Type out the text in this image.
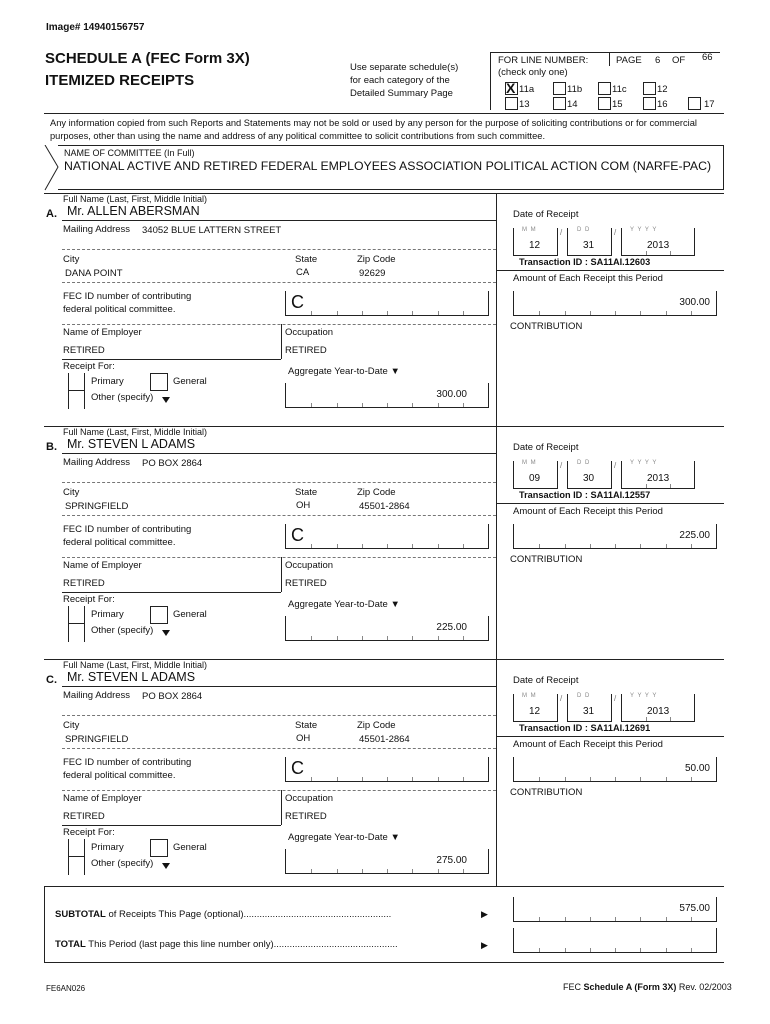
Image# 14940156757
SCHEDULE A (FEC Form 3X)
ITEMIZED RECEIPTS
Use separate schedule(s)
for each category of the
Detailed Summary Page
FOR LINE NUMBER:
(check only one)
PAGE 6 OF 66
X 11a	11b	11c	12
13	14	15	16	17
Any information copied from such Reports and Statements may not be sold or used by any person for the purpose of soliciting contributions or for commercial purposes, other than using the name and address of any political committee to solicit contributions from such committee.
NAME OF COMMITTEE (In Full)
NATIONAL ACTIVE AND RETIRED FEDERAL EMPLOYEES ASSOCIATION POLITICAL ACTION COM (NARFE-PAC)
Full Name (Last, First, Middle Initial)
A. Mr. ALLEN ABERSMAN
Mailing Address 34052 BLUE LATTERN STREET
City	State	Zip Code
DANA POINT	CA	92629
FEC ID number of contributing
federal political committee.	C
Name of Employer	Occupation
RETIRED	RETIRED
Receipt For:
Primary	General
Other (specify)
Aggregate Year-to-Date ▼
300.00
Date of Receipt
M M
12
/ D D
31
/ Y Y Y Y
2013
Transaction ID : SA11AI.12603
Amount of Each Receipt this Period
300.00
CONTRIBUTION
Full Name (Last, First, Middle Initial)
B. Mr. STEVEN L ADAMS
Mailing Address PO BOX 2864
City	State	Zip Code
SPRINGFIELD	OH	45501-2864
FEC ID number of contributing
federal political committee.	C
Name of Employer	Occupation
RETIRED	RETIRED
Receipt For:
Primary	General
Other (specify)
Aggregate Year-to-Date ▼
225.00
Date of Receipt
M M
09
/ D D
30
/ Y Y Y Y
2013
Transaction ID : SA11AI.12557
Amount of Each Receipt this Period
225.00
CONTRIBUTION
Full Name (Last, First, Middle Initial)
C. Mr. STEVEN L ADAMS
Mailing Address PO BOX 2864
City	State	Zip Code
SPRINGFIELD	OH	45501-2864
FEC ID number of contributing
federal political committee.	C
Name of Employer	Occupation
RETIRED	RETIRED
Receipt For:
Primary	General
Other (specify)
Aggregate Year-to-Date ▼
275.00
Date of Receipt
M M
12
/ D D
31
/ Y Y Y Y
2013
Transaction ID : SA11AI.12691
Amount of Each Receipt this Period
50.00
CONTRIBUTION
SUBTOTAL of Receipts This Page (optional)........................................................	▶	575.00
TOTAL This Period (last page this line number only)...............................................	▶
FE6AN026	FEC Schedule A (Form 3X) Rev. 02/2003
